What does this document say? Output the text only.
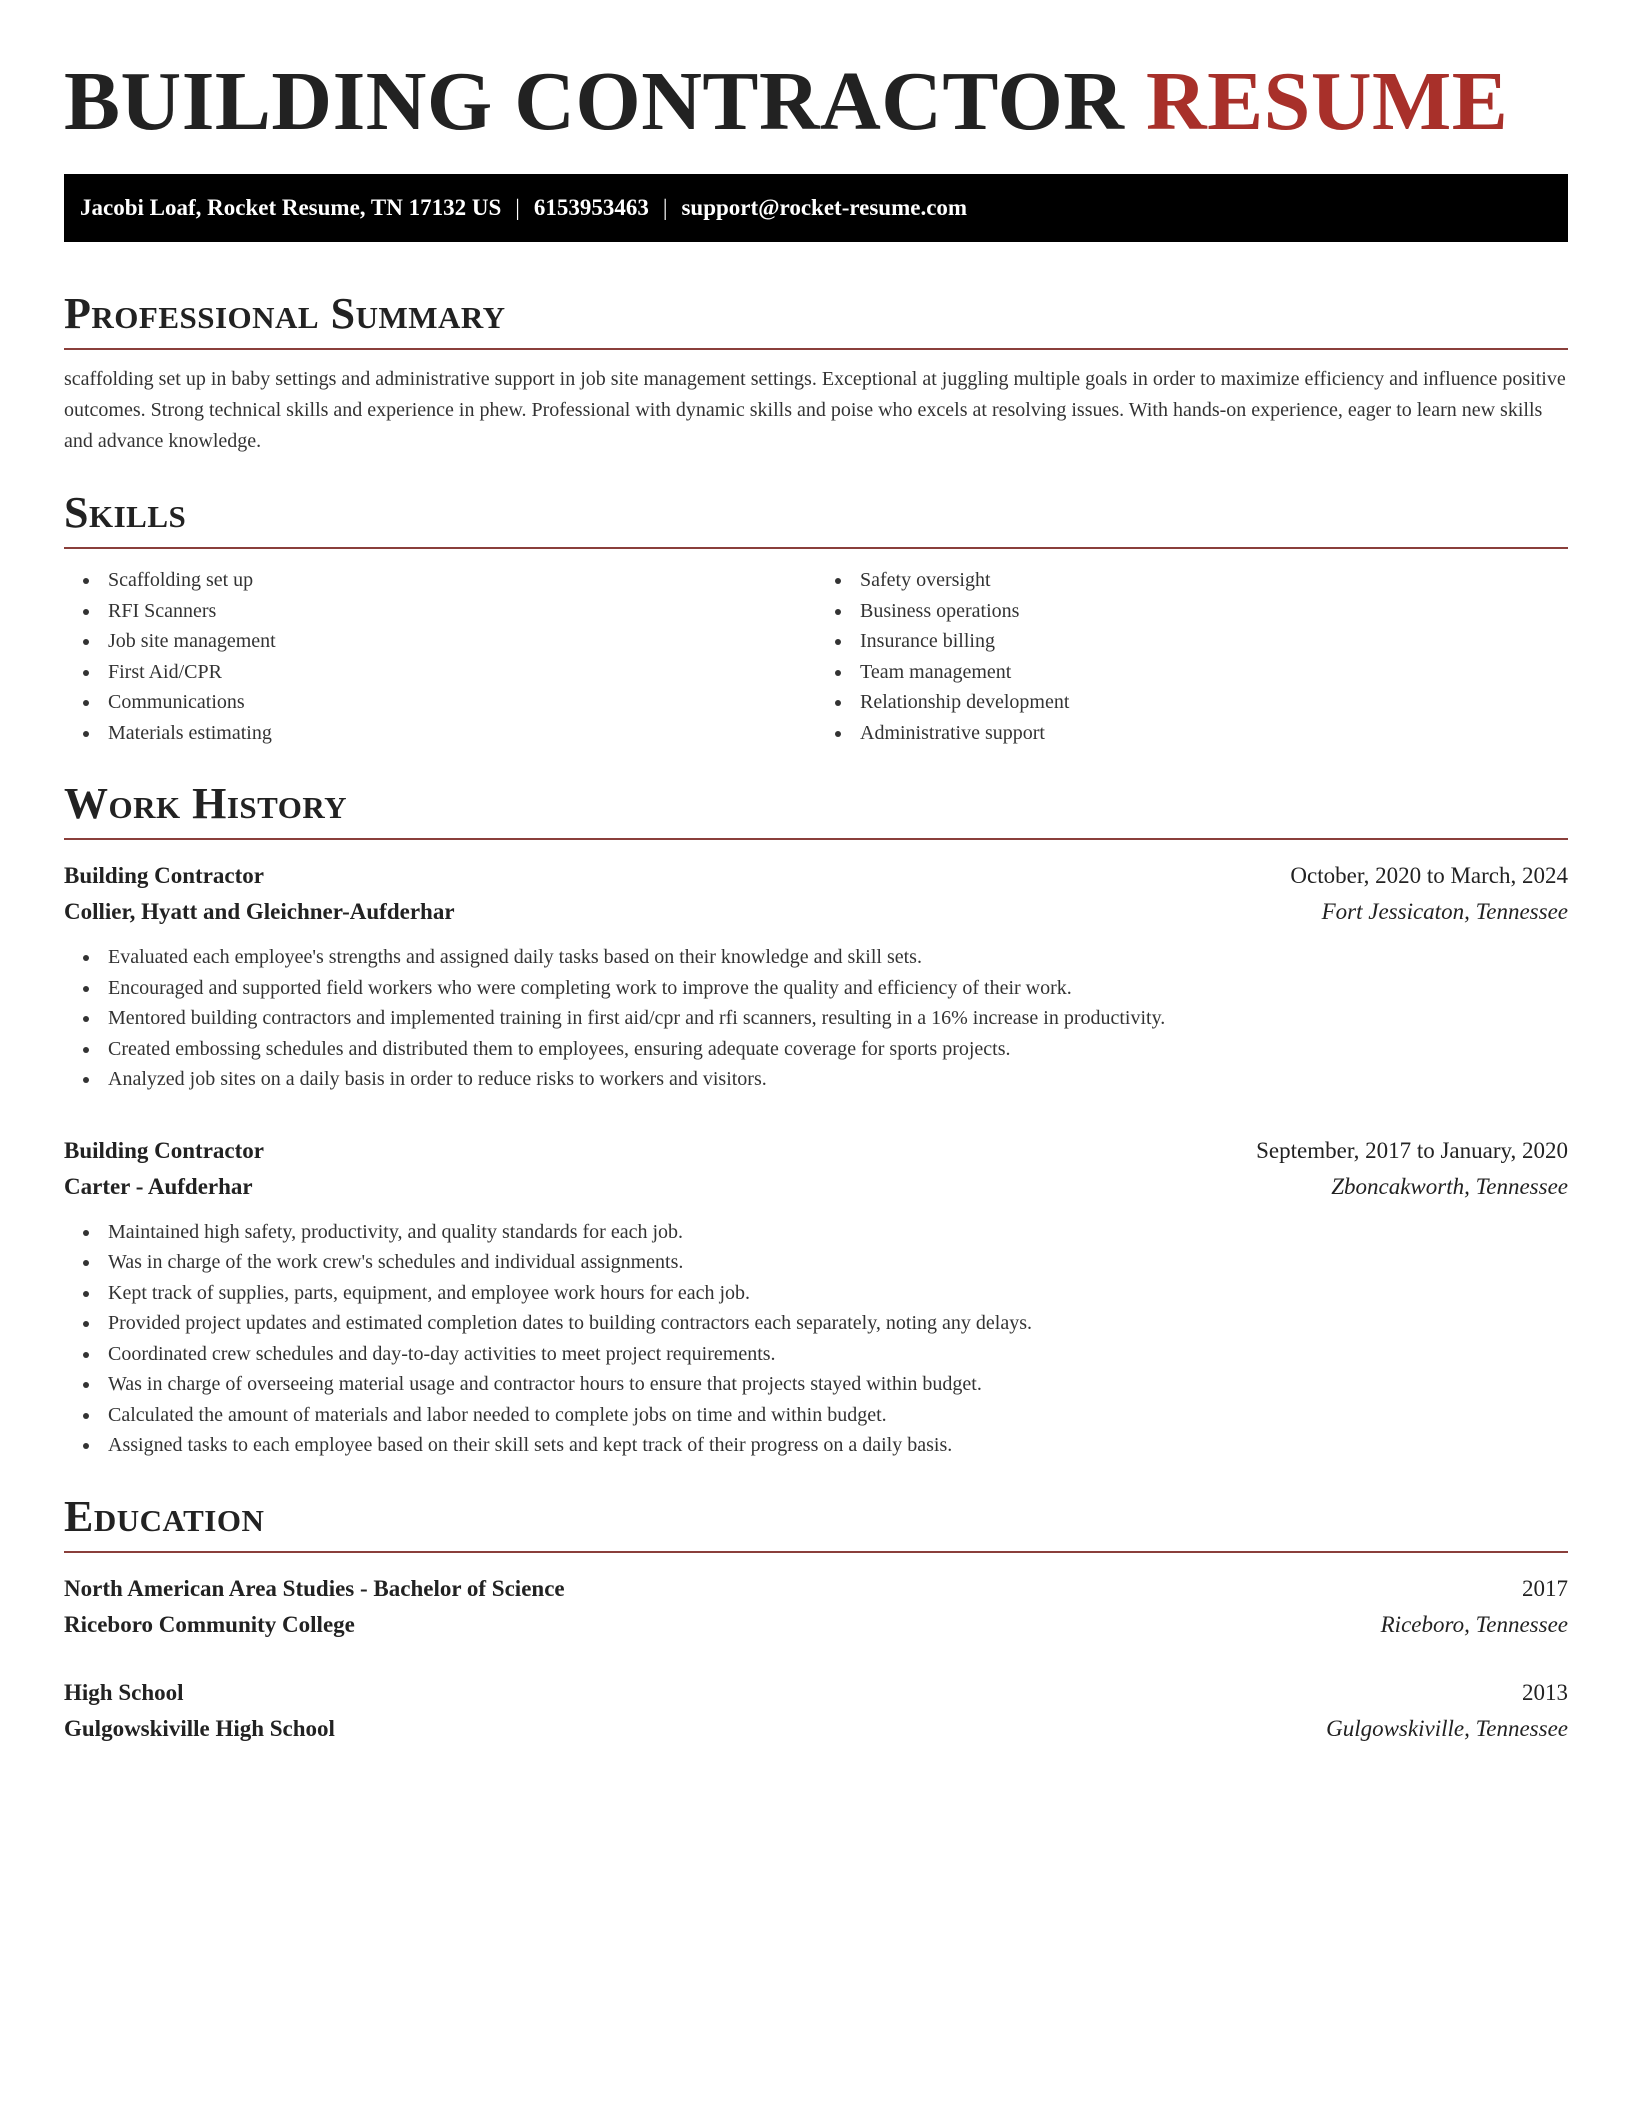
BUILDING CONTRACTOR RESUME
Jacobi Loaf, Rocket Resume, TN 17132 US | 6153953463 | support@rocket-resume.com
Professional Summary

scaffolding set up in baby settings and administrative support in job site management settings. Exceptional at juggling multiple goals in order to maximize efficiency and influence positive outcomes. Strong technical skills and experience in phew. Professional with dynamic skills and poise who excels at resolving issues. With hands-on experience, eager to learn new skills and advance knowledge.

Skills
Scaffolding set up
RFI Scanners
Job site management
First Aid/CPR
Communications
Materials estimating
Safety oversight
Business operations
Insurance billing
Team management
Relationship development
Administrative support
Work History
Building Contractor	October, 2020 to March, 2024
Collier, Hyatt and Gleichner-Aufderhar	Fort Jessicaton, Tennessee
Evaluated each employee's strengths and assigned daily tasks based on their knowledge and skill sets.
Encouraged and supported field workers who were completing work to improve the quality and efficiency of their work.
Mentored building contractors and implemented training in first aid/cpr and rfi scanners, resulting in a 16% increase in productivity.
Created embossing schedules and distributed them to employees, ensuring adequate coverage for sports projects.
Analyzed job sites on a daily basis in order to reduce risks to workers and visitors.
Building Contractor	September, 2017 to January, 2020
Carter - Aufderhar	Zboncakworth, Tennessee
Maintained high safety, productivity, and quality standards for each job.
Was in charge of the work crew's schedules and individual assignments.
Kept track of supplies, parts, equipment, and employee work hours for each job.
Provided project updates and estimated completion dates to building contractors each separately, noting any delays.
Coordinated crew schedules and day-to-day activities to meet project requirements.
Was in charge of overseeing material usage and contractor hours to ensure that projects stayed within budget.
Calculated the amount of materials and labor needed to complete jobs on time and within budget.
Assigned tasks to each employee based on their skill sets and kept track of their progress on a daily basis.
Education
North American Area Studies - Bachelor of Science	2017
Riceboro Community College	Riceboro, Tennessee
High School	2013
Gulgowskiville High School	Gulgowskiville, Tennessee
